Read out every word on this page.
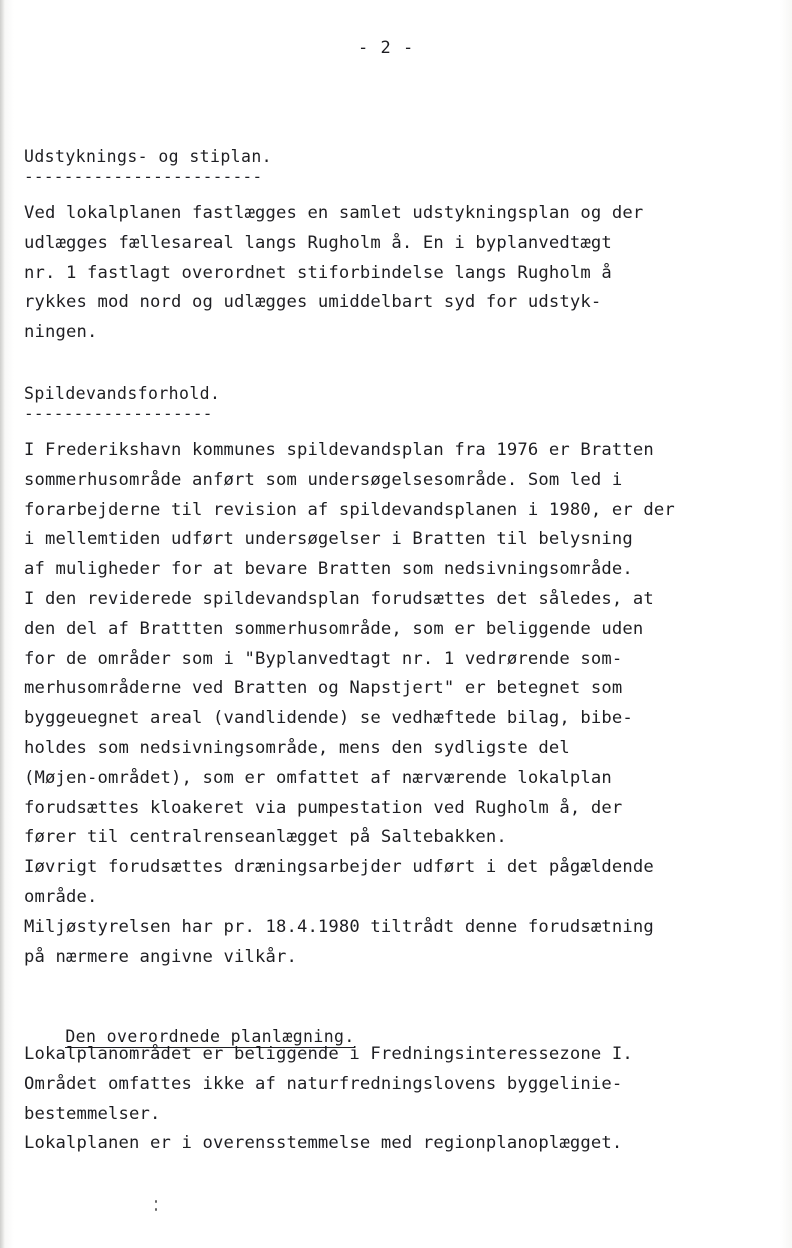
- 2 -
Udstyknings- og stiplan.
------------------------
Ved lokalplanen fastlægges en samlet udstykningsplan og der
udlægges fællesareal langs Rugholm å. En i byplanvedtægt
nr. 1 fastlagt overordnet stiforbindelse langs Rugholm å
rykkes mod nord og udlægges umiddelbart syd for udstyk-
ningen.
Spildevandsforhold.
-------------------
I Frederikshavn kommunes spildevandsplan fra 1976 er Bratten
sommerhusområde anført som undersøgelsesområde. Som led i
forarbejderne til revision af spildevandsplanen i 1980, er der
i mellemtiden udført undersøgelser i Bratten til belysning
af muligheder for at bevare Bratten som nedsivningsområde.
I den reviderede spildevandsplan forudsættes det således, at
den del af Brattten sommerhusområde, som er beliggende uden
for de områder som i "Byplanvedtagt nr. 1 vedrørende som-
merhusområderne ved Bratten og Napstjert" er betegnet som
byggeuegnet areal (vandlidende) se vedhæftede bilag, bibe-
holdes som nedsivningsområde, mens den sydligste del
(Møjen-området), som er omfattet af nærværende lokalplan
forudsættes kloakeret via pumpestation ved Rugholm å, der
fører til centralrenseanlægget på Saltebakken.
Iøvrigt forudsættes dræningsarbejder udført i det pågældende
område.
Miljøstyrelsen har pr. 18.4.1980 tiltrådt denne forudsætning
på nærmere angivne vilkår.

Den overordnede planlægning.

Lokalplanområdet er beliggende i Fredningsinteressezone I.
Området omfattes ikke af naturfredningslovens byggelinie-
bestemmelser.
Lokalplanen er i overensstemmelse med regionplanoplægget.
